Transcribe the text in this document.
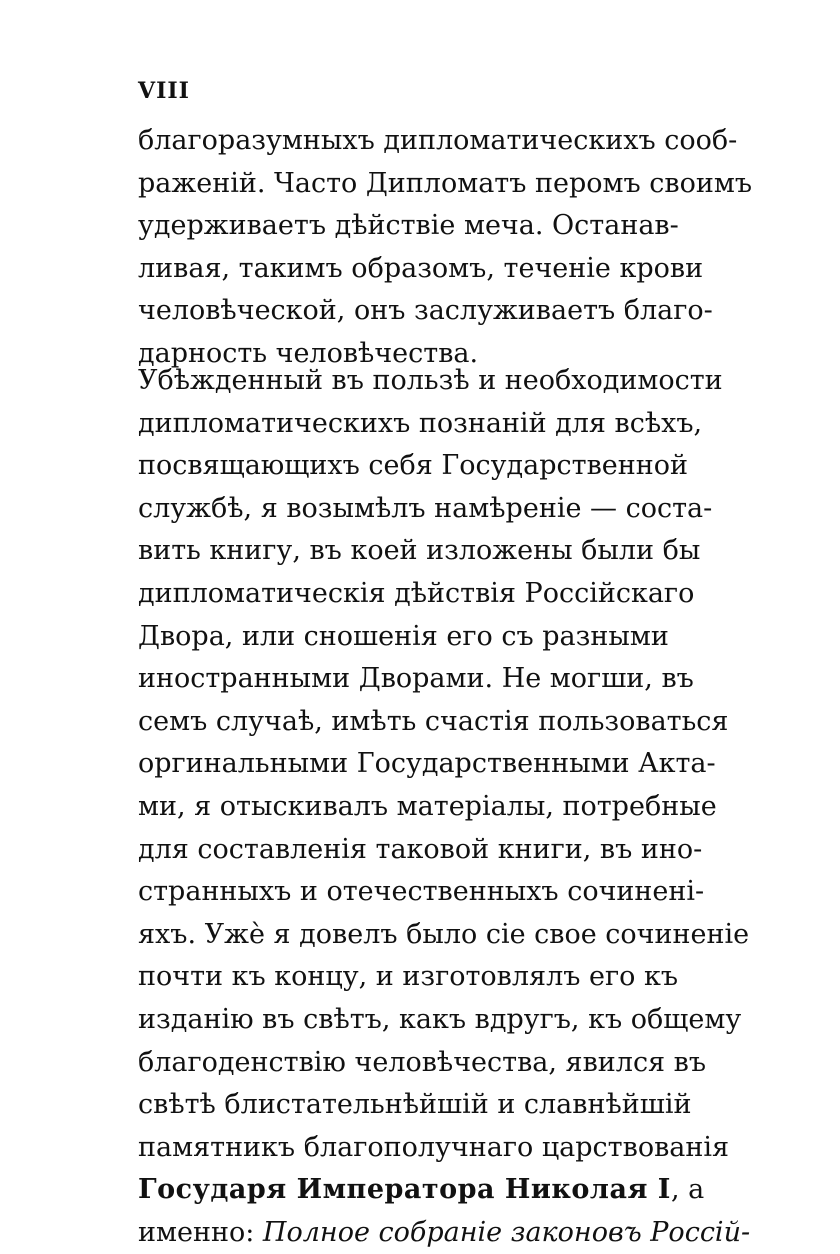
VIII
благоразумныхъ дипломатическихъ сооб-
раженій. Часто Дипломатъ перомъ своимъ
удерживаетъ дѣйствіе меча. Останав-
ливая, такимъ образомъ, теченіе крови
человѣческой, онъ заслуживаетъ благо-
дарность человѣчества.
Убѣжденный въ пользѣ и необходимости
дипломатическихъ познаній для всѣхъ,
посвящающихъ себя Государственной
службѣ, я возымѣлъ намѣреніе — соста-
вить книгу, въ коей изложены были бы
дипломатическія дѣйствія Россійскаго
Двора, или сношенія его съ разными
иностранными Дворами. Не могши, въ
семъ случаѣ, имѣть счастія пользоваться
оргинальными Государственными Акта-
ми, я отыскивалъ матеріалы, потребные
для составленія таковой книги, въ ино-
странныхъ и отечественныхъ сочиненi-
яхъ. Ужè я довелъ было сіе свое сочиненіе
почти къ концу, и изготовлялъ его къ
изданію въ свѣтъ, какъ вдругъ, къ общему
благоденствію человѣчества, явился въ
свѣтѣ блистательнѣйшій и славнѣйшій
памятникъ благополучнаго царствованія
Государя Императора Николая I, а
именно: Полное собраніе законовъ Россій-
